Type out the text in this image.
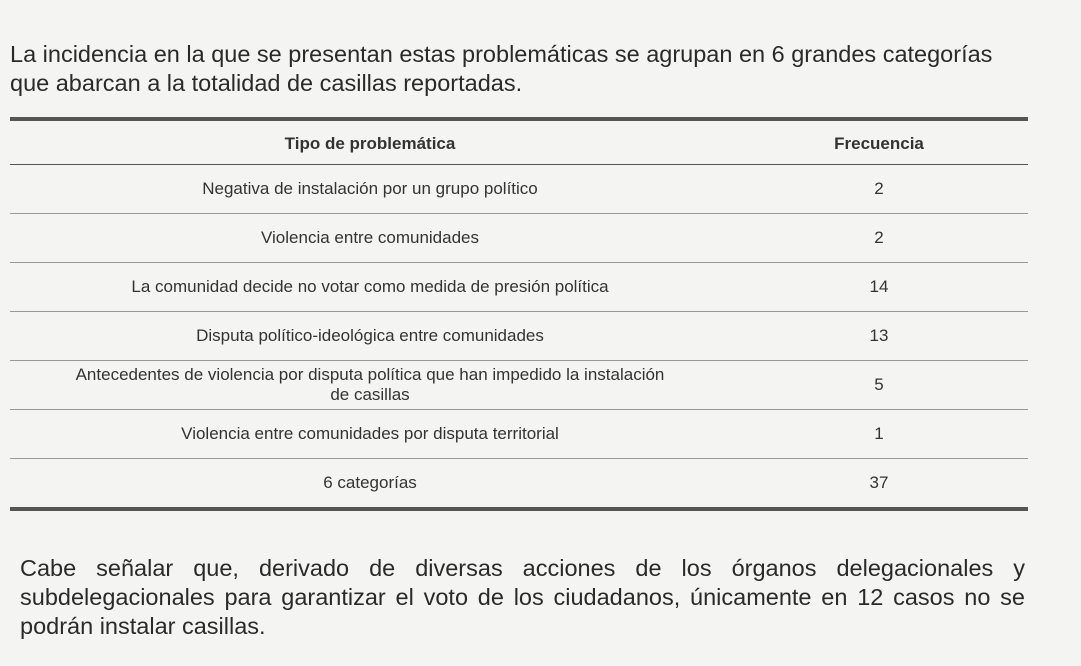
La incidencia en la que se presentan estas problemáticas se agrupan en 6 grandes categorías que abarcan a la totalidad de casillas reportadas.

Tipo de problemática	Frecuencia
Negativa de instalación por un grupo político	2
Violencia entre comunidades	2
La comunidad decide no votar como medida de presión política	14
Disputa político-ideológica entre comunidades	13
Antecedentes de violencia por disputa política que han impedido la instalación de casillas	5
Violencia entre comunidades por disputa territorial	1
6 categorías	37

Cabe señalar que, derivado de diversas acciones de los órganos delegacionales y subdelegacionales para garantizar el voto de los ciudadanos, únicamente en 12 casos no se podrán instalar casillas.
